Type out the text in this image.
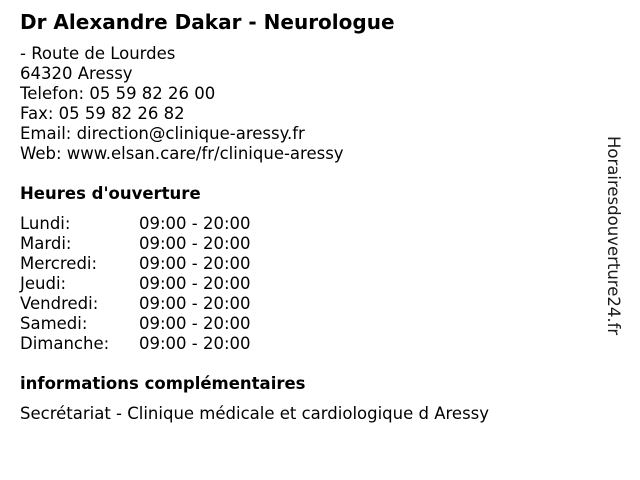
Dr Alexandre Dakar - Neurologue
- Route de Lourdes
64320 Aressy
Telefon: 05 59 82 26 00
Fax: 05 59 82 26 82
Email: direction@clinique-aressy.fr
Web: www.elsan.care/fr/clinique-aressy
Heures d'ouverture
Lundi:	09:00 - 20:00
Mardi:	09:00 - 20:00
Mercredi:	09:00 - 20:00
Jeudi:	09:00 - 20:00
Vendredi: 09:00 - 20:00
Samedi:	09:00 - 20:00
Dimanche: 09:00 - 20:00
informations complémentaires
Secrétariat - Clinique médicale et cardiologique d Aressy
Horairesdouverture24.fr
